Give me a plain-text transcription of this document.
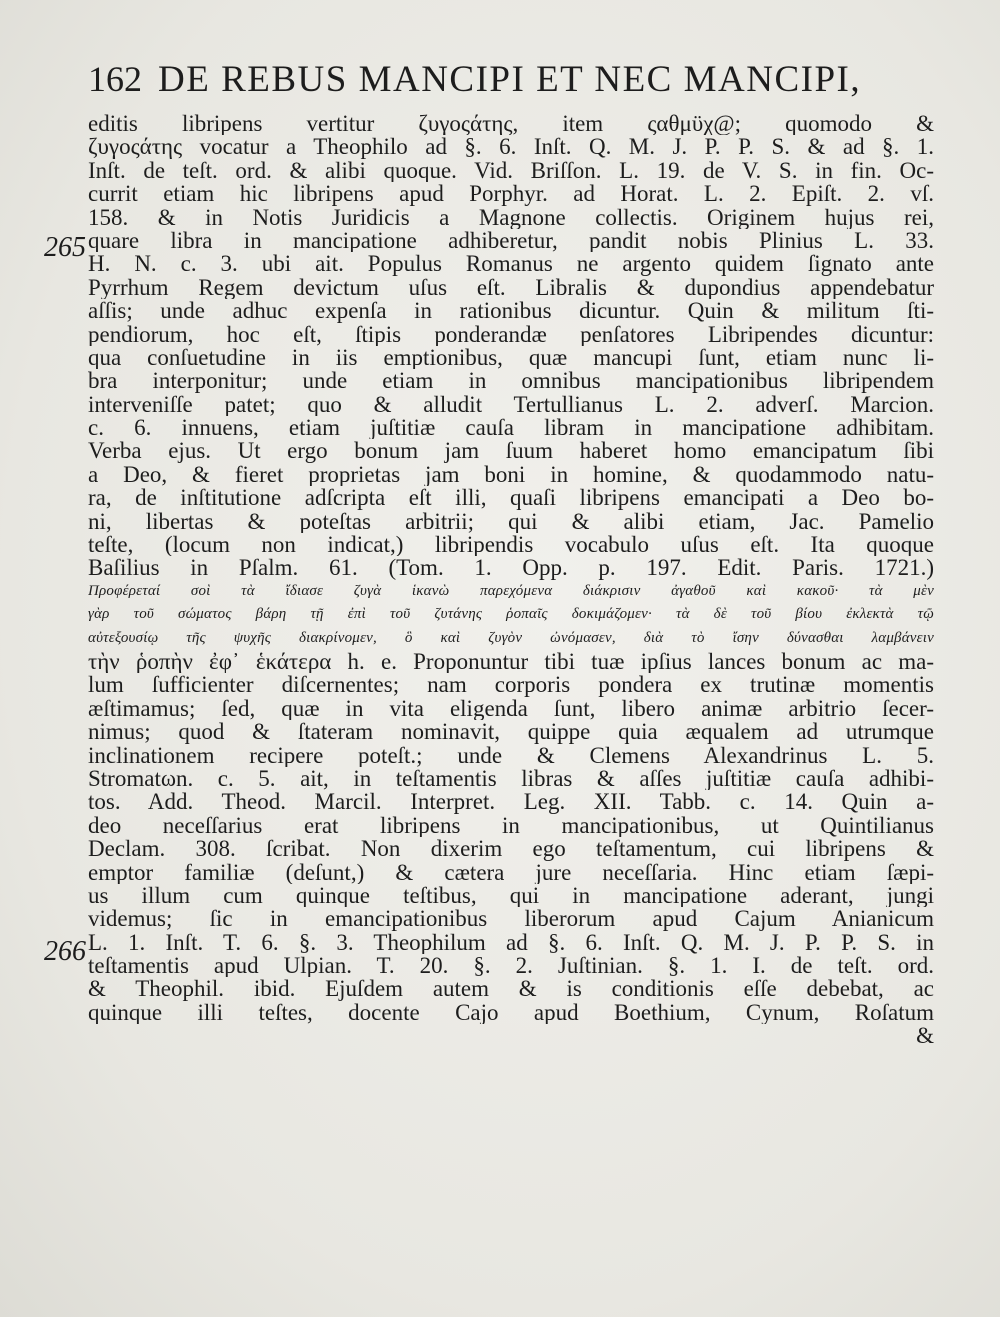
162 DE REBUS MANCIPI ET NEC MANCIPI,
265
266
editis libripens vertitur ζυγοςάτης, item ςαθμϋχ@; quomodo &
ζυγοςάτης vocatur a Theophilo ad §. 6. Inſt. Q. M. J. P. P. S. & ad §. 1.
Inſt. de teſt. ord. & alibi quoque. Vid. Briſſon. L. 19. de V. S. in fin. Oc-
currit etiam hic libripens apud Porphyr. ad Horat. L. 2. Epiſt. 2. vſ.
158. & in Notis Juridicis a Magnone collectis. Originem hujus rei,
quare libra in mancipatione adhiberetur, pandit nobis Plinius L. 33.
H. N. c. 3. ubi ait. Populus Romanus ne argento quidem ſignato ante
Pyrrhum Regem devictum uſus eſt. Libralis & dupondius appendebatur
aſſis; unde adhuc expenſa in rationibus dicuntur. Quin & militum ſti-
pendiorum, hoc eſt, ſtipis ponderandæ penſatores Libripendes dicuntur:
qua conſuetudine in iis emptionibus, quæ mancupi ſunt, etiam nunc li-
bra interponitur; unde etiam in omnibus mancipationibus libripendem
interveniſſe patet; quo & alludit Tertullianus L. 2. adverſ. Marcion.
c. 6. innuens, etiam juſtitiæ cauſa libram in mancipatione adhibitam.
Verba ejus. Ut ergo bonum jam ſuum haberet homo emancipatum ſibi
a Deo, & fieret proprietas jam boni in homine, & quodammodo natu-
ra, de inſtitutione adſcripta eſt illi, quaſi libripens emancipati a Deo bo-
ni, libertas & poteſtas arbitrii; qui & alibi etiam, Jac. Pamelio
teſte, (locum non indicat,) libripendis vocabulo uſus eſt. Ita quoque
Baſilius in Pſalm. 61. (Tom. 1. Opp. p. 197. Edit. Paris. 1721.)
Προφέρεταί σοὶ τὰ ἴδιασε ζυγὰ ἱκανὼ παρεχόμενα διάκρισιν ἀγαθοῦ καὶ κακοῦ· τὰ μὲν
γὰρ τοῦ σώματος βάρη τῇ ἐπὶ τοῦ ζυτάνης ῥοπαῖς δοκιμάζομεν· τὰ δὲ τοῦ βίου ἐκλεκτὰ τῷ
αὐτεξουσίῳ τῆς ψυχῆς διακρίνομεν, ὃ καὶ ζυγὸν ὠνόμασεν, διὰ τὸ ἴσην δύνασθαι λαμβάνειν
τὴν ῥοπὴν ἐφ᾽ ἑκάτερα h. e. Proponuntur tibi tuæ ipſius lances bonum ac ma-
lum ſufficienter diſcernentes; nam corporis pondera ex trutinæ momentis
æſtimamus; ſed, quæ in vita eligenda ſunt, libero animæ arbitrio ſecer-
nimus; quod & ſtateram nominavit, quippe quia æqualem ad utrumque
inclinationem recipere poteſt.; unde & Clemens Alexandrinus L. 5.
Stromatωn. c. 5. ait, in teſtamentis libras & aſſes juſtitiæ cauſa adhibi-
tos. Add. Theod. Marcil. Interpret. Leg. XII. Tabb. c. 14. Quin a-
deo neceſſarius erat libripens in mancipationibus, ut Quintilianus
Declam. 308. ſcribat. Non dixerim ego teſtamentum, cui libripens &
emptor familiæ (deſunt,) & cætera jure neceſſaria. Hinc etiam ſæpi-
us illum cum quinque teſtibus, qui in mancipatione aderant, jungi
videmus; ſic in emancipationibus liberorum apud Cajum Anianicum
L. 1. Inſt. T. 6. §. 3. Theophilum ad §. 6. Inſt. Q. M. J. P. P. S. in
teſtamentis apud Ulpian. T. 20. §. 2. Juſtinian. §. 1. I. de teſt. ord.
& Theophil. ibid. Ejuſdem autem & is conditionis eſſe debebat, ac
quinque illi teſtes, docente Cajo apud Boethium, Cynum, Roſatum
&
